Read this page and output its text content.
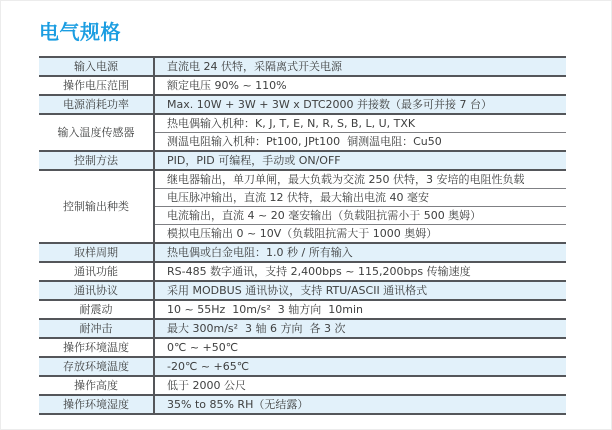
电气规格
输入电源	直流电 24 伏特，采隔离式开关电源
操作电压范围	额定电压 90% ~ 110%
电源消耗功率	Max. 10W + 3W + 3W x DTC2000 并接数（最多可并接 7 台）
输入温度传感器	热电偶输入机种：K, J, T, E, N, R, S, B, L, U, TXK
	测温电阻输入机种：Pt100, JPt100  铜测温电阻：Cu50
控制方法	PID，PID 可编程，手动或 ON/OFF
控制输出种类	继电器输出，单刀单闸，最大负载为交流 250 伏特，3 安培的电阻性负载
	电压脉冲输出，直流 12 伏特，最大输出电流 40 毫安
	电流输出，直流 4 ~ 20 毫安输出（负载阻抗需小于 500 奥姆）
	模拟电压输出 0 ~ 10V（负载阻抗需大于 1000 奥姆）
取样周期	热电偶或白金电阻：1.0 秒 / 所有输入
通讯功能	RS-485 数字通讯，支持 2,400bps ~ 115,200bps 传输速度
通讯协议	采用 MODBUS 通讯协议，支持 RTU/ASCII 通讯格式
耐震动	10 ~ 55Hz  10m/s²  3 轴方向  10min
耐冲击	最大 300m/s²  3 轴 6 方向  各 3 次
操作环境温度	0℃ ~ +50℃
存放环境温度	-20℃ ~ +65℃
操作高度	低于 2000 公尺
操作环境湿度	35% to 85% RH（无结露）
